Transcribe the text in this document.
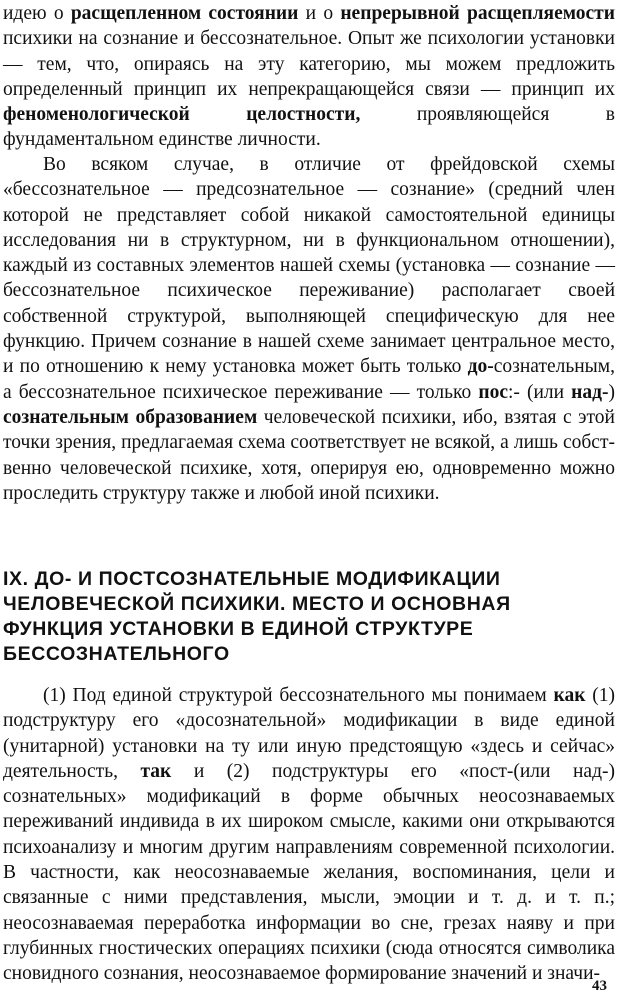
идею о расщепленном состоянии и о непрерывной расщепляемости психики на сознание и бессознательное. Опыт же психологии установки — тем, что, опираясь на эту категорию, мы можем предложить определенный принцип их непрекращающейся связи — принцип их феноменологической целостности, проявляющейся в фундаментальном единстве личности.

Во всяком случае, в отличие от фрейдовской схемы «бессознательное — предсознательное — сознание» (средний член которой не представляет собой никакой самостоятельной единицы исследования ни в структурном, ни в функциональном отношении), каждый из составных элементов нашей схемы (установка — сознание — бессознательное психическое переживание) располагает своей собственной структурой, выполняющей специфическую для нее функцию. Причем сознание в нашей схеме занимает центральное место, и по отношению к нему установка может быть только до-сознательным, а бессознательное психическое переживание — только пос:- (или над-) сознательным образованием человеческой психики, ибо, взятая с этой точки зрения, предлагаемая схема соответствует не всякой, а лишь собственно человеческой психике, хотя, оперируя ею, одновременно можно проследить структуру также и любой иной психики.

IX. ДО- И ПОСТСОЗНАТЕЛЬНЫЕ МОДИФИКАЦИИ
ЧЕЛОВЕЧЕСКОЙ ПСИХИКИ. МЕСТО И ОСНОВНАЯ
ФУНКЦИЯ УСТАНОВКИ В ЕДИНОЙ СТРУКТУРЕ
БЕССОЗНАТЕЛЬНОГО

(1) Под единой структурой бессознательного мы понимаем как (1) подструктуру его «досознательной» модификации в виде единой (унитарной) установки на ту или иную предстоящую «здесь и сейчас» деятельность, так и (2) подструктуры его «пост-(или над-) сознательных» модификаций в форме обычных неосознаваемых переживаний индивида в их широком смысле, какими они открываются психоанализу и многим другим направлениям современной психологии. В частности, как неосознаваемые желания, воспоминания, цели и связанные с ними представления, мысли, эмоции и т. д. и т. п.; неосознаваемая переработка информации во сне, грезах наяву и при глубинных гностических операциях психики (сюда относятся символика сновидного сознания, неосознаваемое формирование значений и значи-

43
